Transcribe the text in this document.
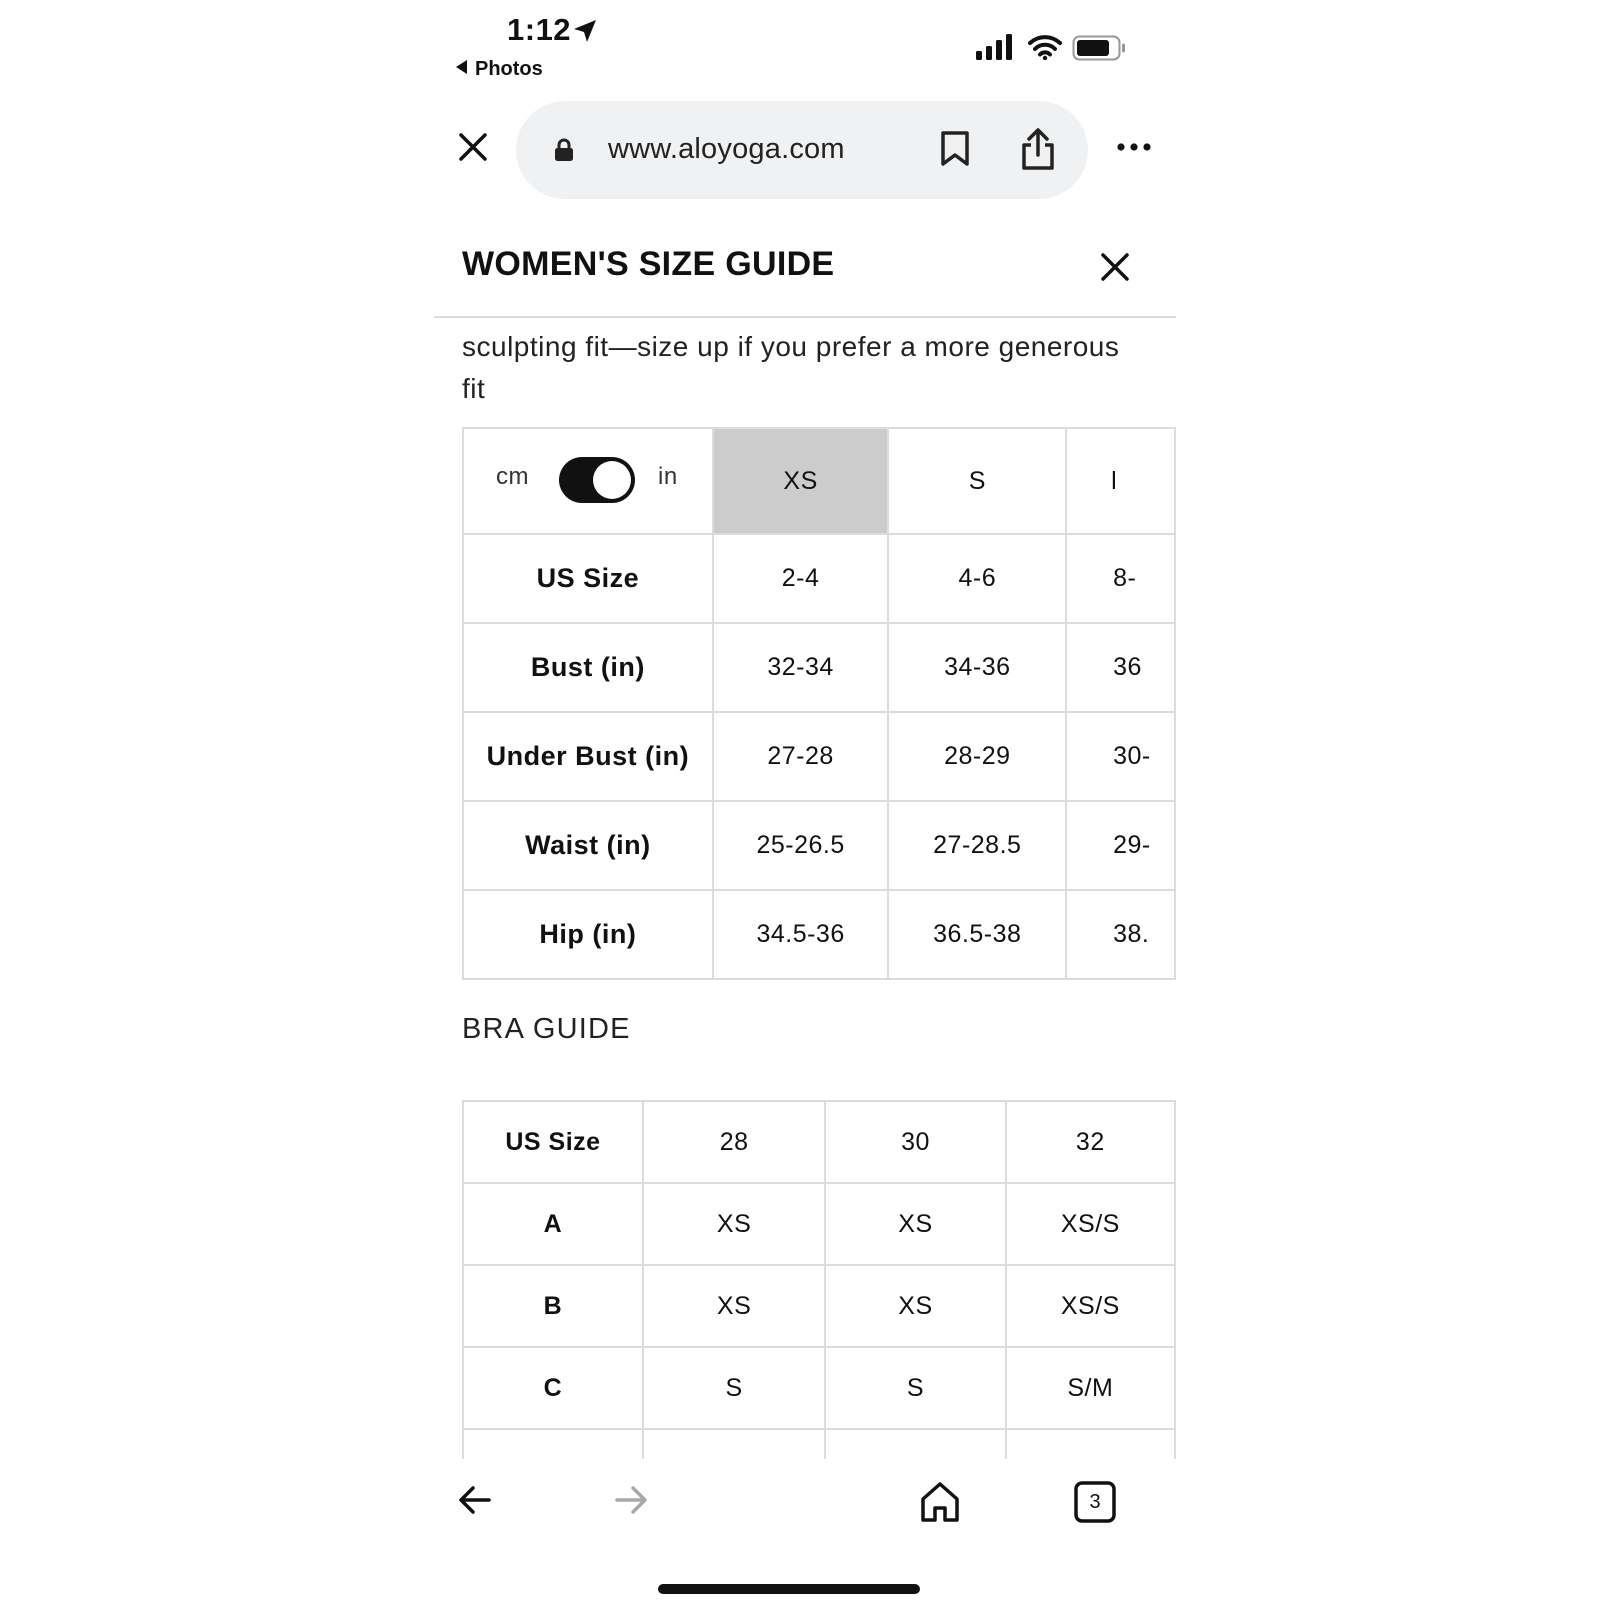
1:12
Photos
www.aloyoga.com
WOMEN'S SIZE GUIDE
sculpting fit—size up if you prefer a more generous fit
cm in	XS	S	l
US Size	2-4	4-6	8-
Bust (in)	32-34	34-36	36
Under Bust (in)	27-28	28-29	30-
Waist (in)	25-26.5	27-28.5	29-
Hip (in)	34.5-36	36.5-38	38.
BRA GUIDE
US Size	28	30	32
A	XS	XS	XS/S
B	XS	XS	XS/S
C	S	S	S/M

3
